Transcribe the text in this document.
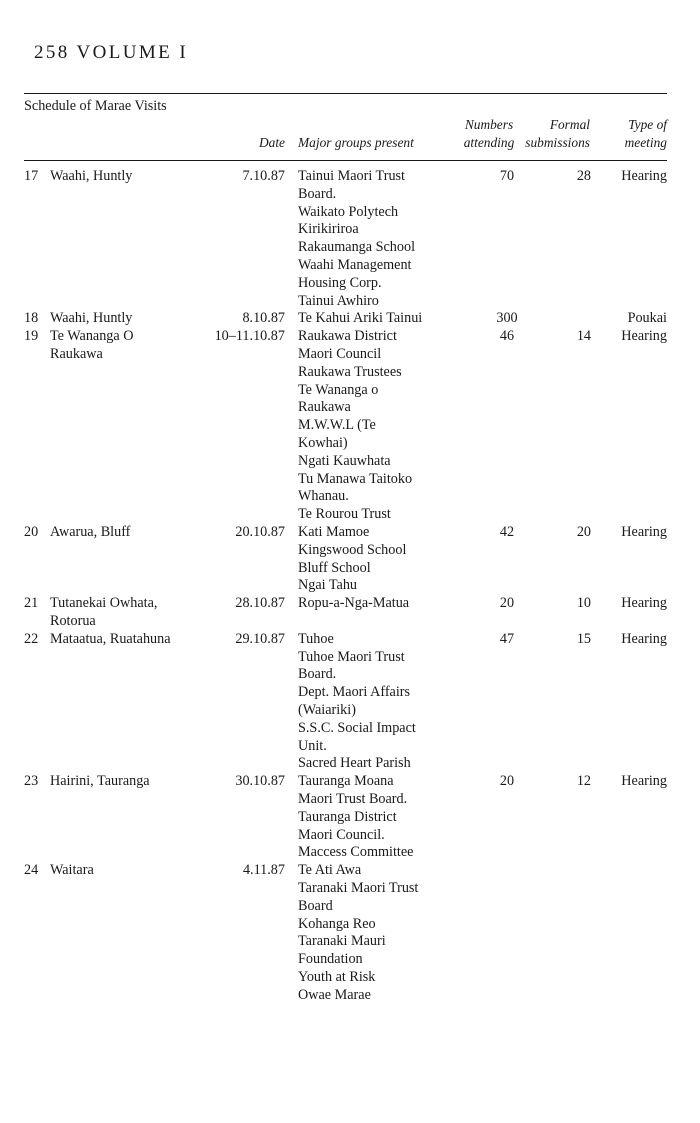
258 VOLUME I
Schedule of Marae Visits
Date Major groups present
Numbers
attending
Formal
submissions
Type of
meeting
17 Waahi, Huntly	7.10.87 Tainui Maori Trust
Board.
Waikato Polytech
Kirikiriroa
Rakaumanga School
Waahi Management
Housing Corp.
Tainui Awhiro
70	28 Hearing
18 Waahi, Huntly	8.10.87 Te Kahui Ariki Tainui	300	Poukai
19 Te Wananga O
Raukawa
10–11.10.87 Raukawa District
Maori Council
Raukawa Trustees
Te Wananga o
Raukawa
M.W.W.L (Te
Kowhai)
Ngati Kauwhata
Tu Manawa Taitoko
Whanau.
Te Rourou Trust
46	14 Hearing
20 Awarua, Bluff	20.10.87 Kati Mamoe
Kingswood School
Bluff School
Ngai Tahu
42	20 Hearing
21 Tutanekai Owhata,
Rotorua
28.10.87 Ropu-a-Nga-Matua	20	10 Hearing
22 Mataatua, Ruatahuna	29.10.87 Tuhoe
Tuhoe Maori Trust
Board.
Dept. Maori Affairs
(Waiariki)
S.S.C. Social Impact
Unit.
Sacred Heart Parish
47	15 Hearing
23 Hairini, Tauranga	30.10.87 Tauranga Moana
Maori Trust Board.
Tauranga District
Maori Council.
Maccess Committee
20	12 Hearing
24 Waitara	4.11.87 Te Ati Awa
Taranaki Maori Trust
Board
Kohanga Reo
Taranaki Mauri
Foundation
Youth at Risk
Owae Marae
